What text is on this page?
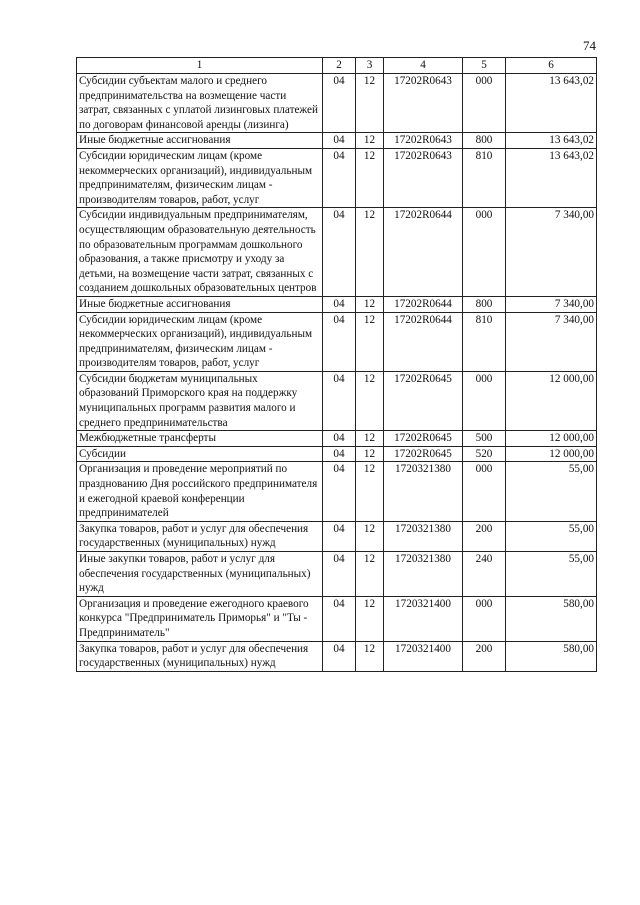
74
1	2	3	4	5	6
Субсидии субъектам малого и среднего предпринимательства на возмещение части затрат, связанных с уплатой лизинговых платежей по договорам финансовой аренды (лизинга)	04	12	17202R0643	000	13 643,02
Иные бюджетные ассигнования	04	12	17202R0643	800	13 643,02
Субсидии юридическим лицам (кроме некоммерческих организаций), индивидуальным предпринимателям, физическим лицам - производителям товаров, работ, услуг	04	12	17202R0643	810	13 643,02
Субсидии индивидуальным предпринимателям, осуществляющим образовательную деятельность по образовательным программам дошкольного образования, а также присмотру и уходу за детьми, на возмещение части затрат, связанных с созданием дошкольных образовательных центров	04	12	17202R0644	000	7 340,00
Иные бюджетные ассигнования	04	12	17202R0644	800	7 340,00
Субсидии юридическим лицам (кроме некоммерческих организаций), индивидуальным предпринимателям, физическим лицам - производителям товаров, работ, услуг	04	12	17202R0644	810	7 340,00
Субсидии бюджетам муниципальных образований Приморского края на поддержку муниципальных программ развития малого и среднего предпринимательства	04	12	17202R0645	000	12 000,00
Межбюджетные трансферты	04	12	17202R0645	500	12 000,00
Субсидии	04	12	17202R0645	520	12 000,00
Организация и проведение мероприятий по празднованию Дня российского предпринимателя и ежегодной краевой конференции предпринимателей	04	12	1720321380	000	55,00
Закупка товаров, работ и услуг для обеспечения государственных (муниципальных) нужд	04	12	1720321380	200	55,00
Иные закупки товаров, работ и услуг для обеспечения государственных (муниципальных) нужд	04	12	1720321380	240	55,00
Организация и проведение ежегодного краевого конкурса "Предприниматель Приморья" и "Ты - Предприниматель"	04	12	1720321400	000	580,00
Закупка товаров, работ и услуг для обеспечения государственных (муниципальных) нужд	04	12	1720321400	200	580,00
